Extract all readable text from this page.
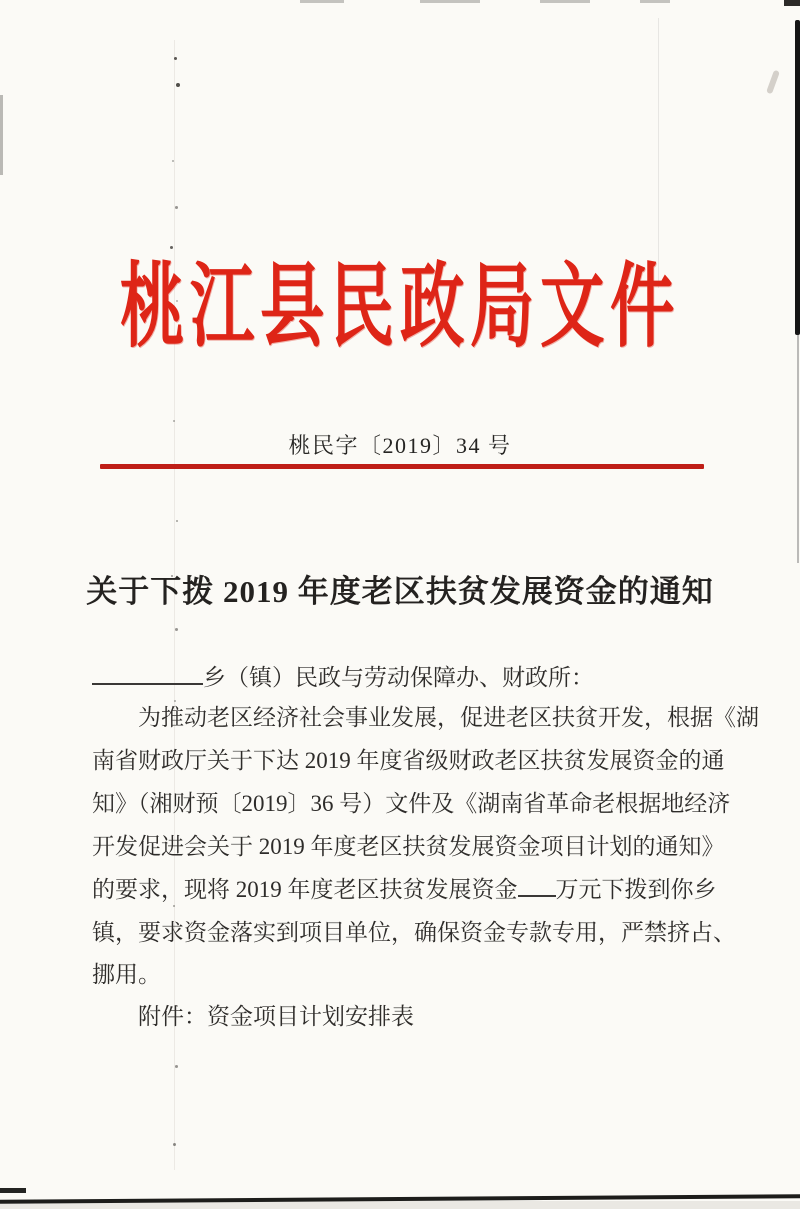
桃江县民政局文件
桃民字〔2019〕34 号
关于下拨 2019 年度老区扶贫发展资金的通知
乡（镇）民政与劳动保障办、财政所：
为推动老区经济社会事业发展，促进老区扶贫开发，根据《湖
南省财政厅关于下达 2019 年度省级财政老区扶贫发展资金的通
知》（湘财预〔2019〕36 号）文件及《湖南省革命老根据地经济
开发促进会关于 2019 年度老区扶贫发展资金项目计划的通知》
的要求，现将 2019 年度老区扶贫发展资金 万元下拨到你乡
镇，要求资金落实到项目单位，确保资金专款专用，严禁挤占、
挪用。
附件：资金项目计划安排表
